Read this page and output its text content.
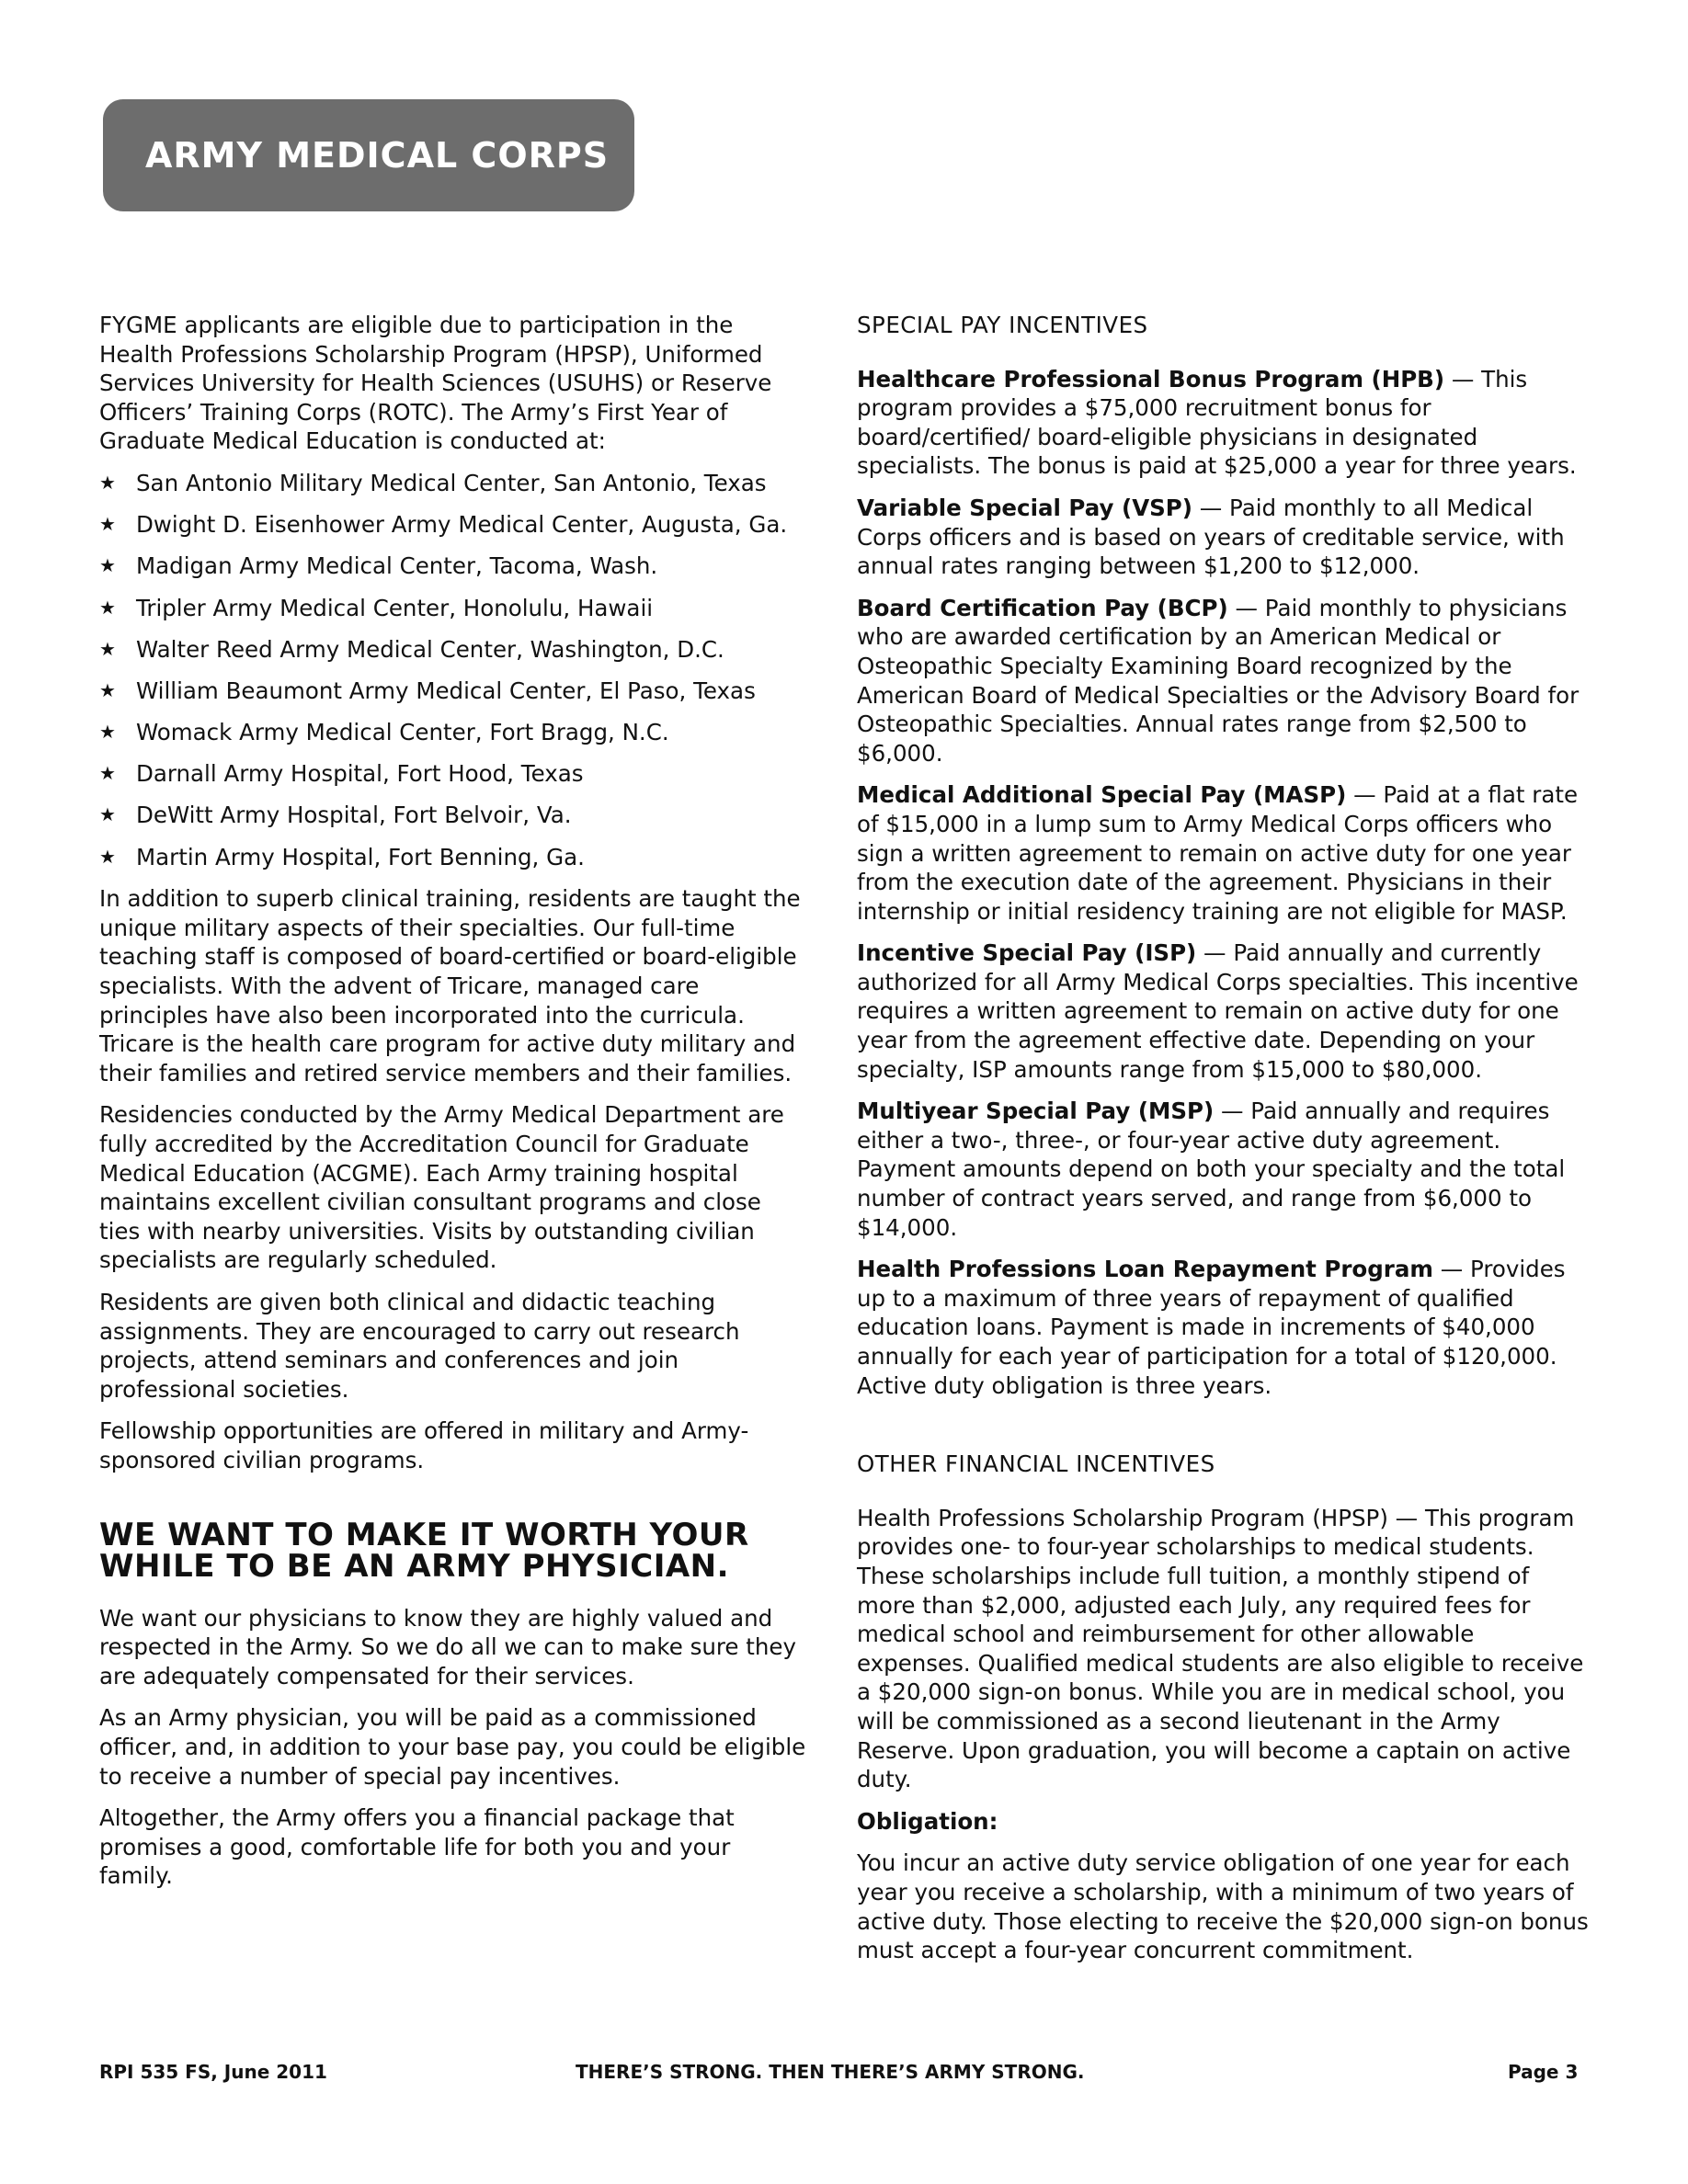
ARMY MEDICAL CORPS

FYGME applicants are eligible due to participation in the Health Professions Scholarship Program (HPSP), Uniformed Services University for Health Sciences (USUHS) or Reserve Officers’ Training Corps (ROTC). The Army’s First Year of Graduate Medical Education is conducted at:

★ San Antonio Military Medical Center, San Antonio, Texas
★ Dwight D. Eisenhower Army Medical Center, Augusta, Ga.
★ Madigan Army Medical Center, Tacoma, Wash.
★ Tripler Army Medical Center, Honolulu, Hawaii
★ Walter Reed Army Medical Center, Washington, D.C.
★ William Beaumont Army Medical Center, El Paso, Texas
★ Womack Army Medical Center, Fort Bragg, N.C.
★ Darnall Army Hospital, Fort Hood, Texas
★ DeWitt Army Hospital, Fort Belvoir, Va.
★ Martin Army Hospital, Fort Benning, Ga.

In addition to superb clinical training, residents are taught the unique military aspects of their specialties. Our full-time teaching staff is composed of board-certified or board-eligible specialists. With the advent of Tricare, managed care principles have also been incorporated into the curricula. Tricare is the health care program for active duty military and their families and retired service members and their families.

Residencies conducted by the Army Medical Department are fully accredited by the Accreditation Council for Graduate Medical Education (ACGME). Each Army training hospital maintains excellent civilian consultant programs and close ties with nearby universities. Visits by outstanding civilian specialists are regularly scheduled.

Residents are given both clinical and didactic teaching assignments. They are encouraged to carry out research projects, attend seminars and conferences and join professional societies.

Fellowship opportunities are offered in military and Army-sponsored civilian programs.

WE WANT TO MAKE IT WORTH YOUR WHILE TO BE AN ARMY PHYSICIAN.

We want our physicians to know they are highly valued and respected in the Army. So we do all we can to make sure they are adequately compensated for their services.

As an Army physician, you will be paid as a commissioned officer, and, in addition to your base pay, you could be eligible to receive a number of special pay incentives.

Altogether, the Army offers you a financial package that promises a good, comfortable life for both you and your family.

SPECIAL PAY INCENTIVES

Healthcare Professional Bonus Program (HPB) — This program provides a $75,000 recruitment bonus for board/certified/ board-eligible physicians in designated specialists. The bonus is paid at $25,000 a year for three years.

Variable Special Pay (VSP) — Paid monthly to all Medical Corps officers and is based on years of creditable service, with annual rates ranging between $1,200 to $12,000.

Board Certification Pay (BCP) — Paid monthly to physicians who are awarded certification by an American Medical or Osteopathic Specialty Examining Board recognized by the American Board of Medical Specialties or the Advisory Board for Osteopathic Specialties. Annual rates range from $2,500 to $6,000.

Medical Additional Special Pay (MASP) — Paid at a flat rate of $15,000 in a lump sum to Army Medical Corps officers who sign a written agreement to remain on active duty for one year from the execution date of the agreement. Physicians in their internship or initial residency training are not eligible for MASP.

Incentive Special Pay (ISP) — Paid annually and currently authorized for all Army Medical Corps specialties. This incentive requires a written agreement to remain on active duty for one year from the agreement effective date. Depending on your specialty, ISP amounts range from $15,000 to $80,000.

Multiyear Special Pay (MSP) — Paid annually and requires either a two-, three-, or four-year active duty agreement. Payment amounts depend on both your specialty and the total number of contract years served, and range from $6,000 to $14,000.

Health Professions Loan Repayment Program — Provides up to a maximum of three years of repayment of qualified education loans. Payment is made in increments of $40,000 annually for each year of participation for a total of $120,000. Active duty obligation is three years.

OTHER FINANCIAL INCENTIVES

Health Professions Scholarship Program (HPSP) — This program provides one- to four-year scholarships to medical students. These scholarships include full tuition, a monthly stipend of more than $2,000, adjusted each July, any required fees for medical school and reimbursement for other allowable expenses. Qualified medical students are also eligible to receive a $20,000 sign-on bonus. While you are in medical school, you will be commissioned as a second lieutenant in the Army Reserve. Upon graduation, you will become a captain on active duty.

Obligation:

You incur an active duty service obligation of one year for each year you receive a scholarship, with a minimum of two years of active duty. Those electing to receive the $20,000 sign-on bonus must accept a four-year concurrent commitment.

RPI 535 FS, June 2011	THERE’S STRONG. THEN THERE’S ARMY STRONG.	Page 3
